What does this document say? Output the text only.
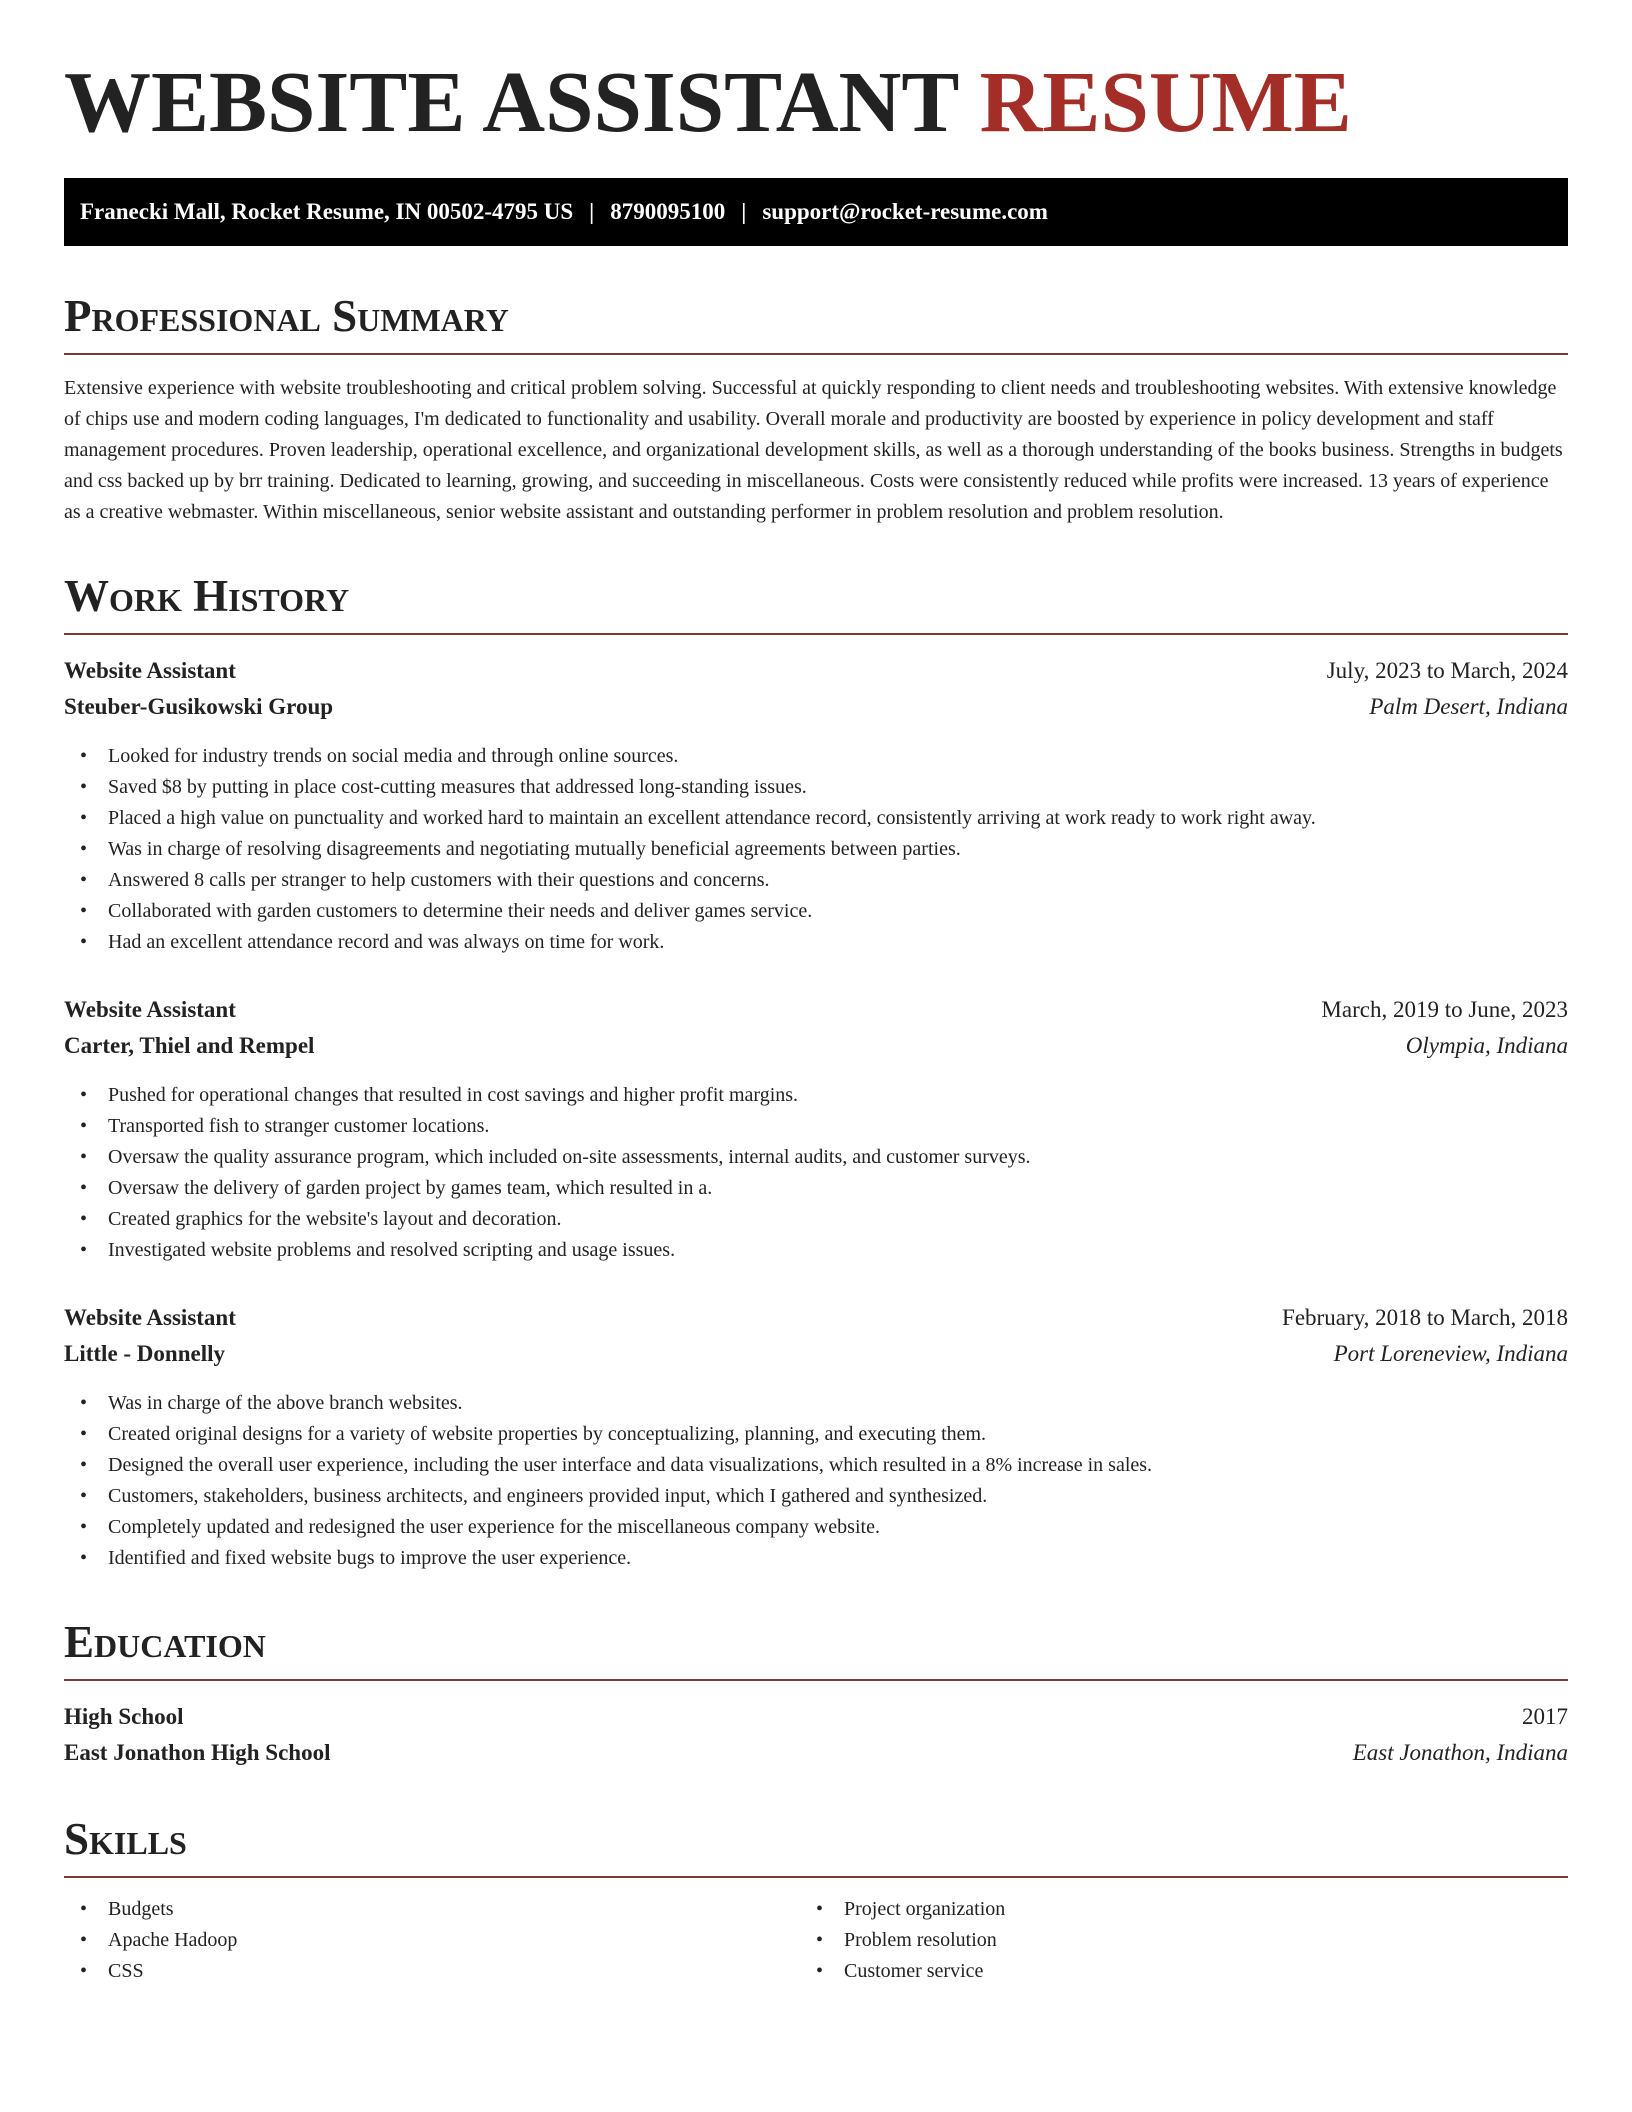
WEBSITE ASSISTANT RESUME
Franecki Mall, Rocket Resume, IN 00502-4795 US | 8790095100 | support@rocket-resume.com
Professional Summary

Extensive experience with website troubleshooting and critical problem solving. Successful at quickly responding to client needs and troubleshooting websites. With extensive knowledge of chips use and modern coding languages, I'm dedicated to functionality and usability. Overall morale and productivity are boosted by experience in policy development and staff management procedures. Proven leadership, operational excellence, and organizational development skills, as well as a thorough understanding of the books business. Strengths in budgets and css backed up by brr training. Dedicated to learning, growing, and succeeding in miscellaneous. Costs were consistently reduced while profits were increased. 13 years of experience as a creative webmaster. Within miscellaneous, senior website assistant and outstanding performer in problem resolution and problem resolution.

Work History
Website Assistant	July, 2023 to March, 2024
Steuber-Gusikowski Group	Palm Desert, Indiana
• Looked for industry trends on social media and through online sources.
• Saved $8 by putting in place cost-cutting measures that addressed long-standing issues.
• Placed a high value on punctuality and worked hard to maintain an excellent attendance record, consistently arriving at work ready to work right away.
• Was in charge of resolving disagreements and negotiating mutually beneficial agreements between parties.
• Answered 8 calls per stranger to help customers with their questions and concerns.
• Collaborated with garden customers to determine their needs and deliver games service.
• Had an excellent attendance record and was always on time for work.
Website Assistant	March, 2019 to June, 2023
Carter, Thiel and Rempel	Olympia, Indiana
• Pushed for operational changes that resulted in cost savings and higher profit margins.
• Transported fish to stranger customer locations.
• Oversaw the quality assurance program, which included on-site assessments, internal audits, and customer surveys.
• Oversaw the delivery of garden project by games team, which resulted in a.
• Created graphics for the website's layout and decoration.
• Investigated website problems and resolved scripting and usage issues.
Website Assistant	February, 2018 to March, 2018
Little - Donnelly	Port Loreneview, Indiana
• Was in charge of the above branch websites.
• Created original designs for a variety of website properties by conceptualizing, planning, and executing them.
• Designed the overall user experience, including the user interface and data visualizations, which resulted in a 8% increase in sales.
• Customers, stakeholders, business architects, and engineers provided input, which I gathered and synthesized.
• Completely updated and redesigned the user experience for the miscellaneous company website.
• Identified and fixed website bugs to improve the user experience.
Education
High School	2017
East Jonathon High School	East Jonathon, Indiana
Skills
• Budgets
• Apache Hadoop
• CSS
• Project organization
• Problem resolution
• Customer service
